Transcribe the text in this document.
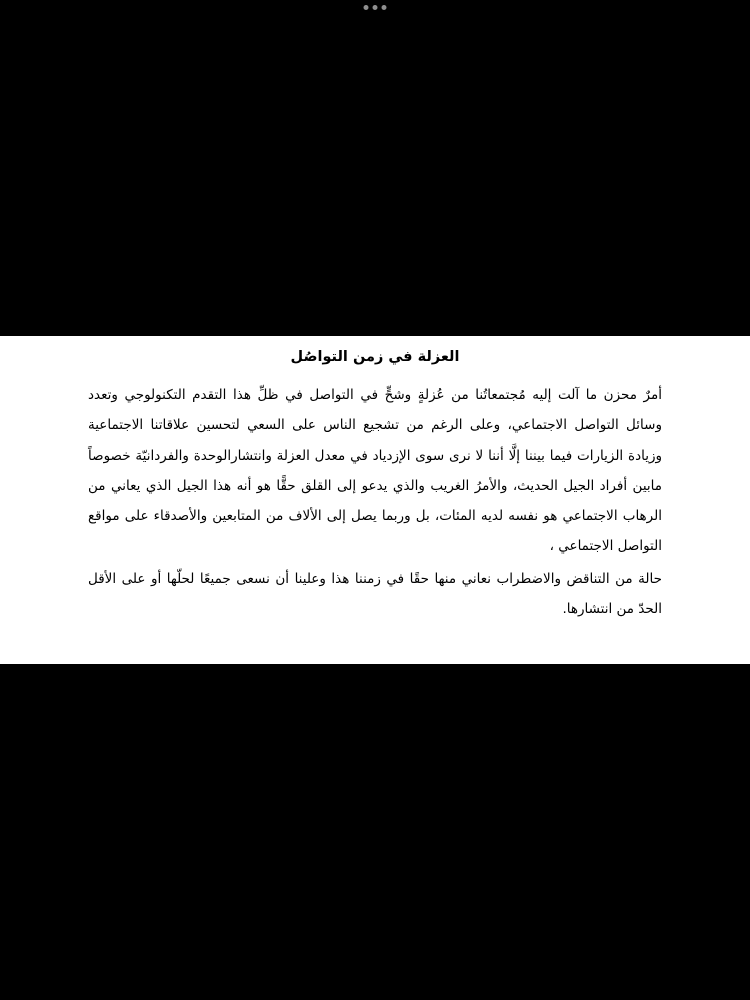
العزلة في زمن التواصُل

أمرٌ محزن ما آلت إليه مُجتمعاتُنا من عُزلةٍ وشحٍّ في التواصل في ظلِّ هذا التقدم التكنولوجي وتعدد وسائل التواصل الاجتماعي، وعلى الرغم من تشجيع الناس على السعي لتحسين علاقاتنا الاجتماعية وزيادة الزيارات فيما بيننا إلَّا أننا لا نرى سوى الإزدياد في معدل العزلة وانتشارالوحدة والفردانيّة خصوصاً مابين أفراد الجيل الحديث، والأمرُ الغريب والذي يدعو إلى القلق حقًّا هو أنه هذا الجيل الذي يعاني من الرهاب الاجتماعي هو نفسه لديه المئات، بل وربما يصل إلى الألاف من المتابعين والأصدقاء على مواقع التواصل الاجتماعي ،

حالة من التناقض والاضطراب نعاني منها حقًا في زمننا هذا وعلينا أن نسعى جميعًا لحلّها أو على الأقل الحدّ من انتشارها.
